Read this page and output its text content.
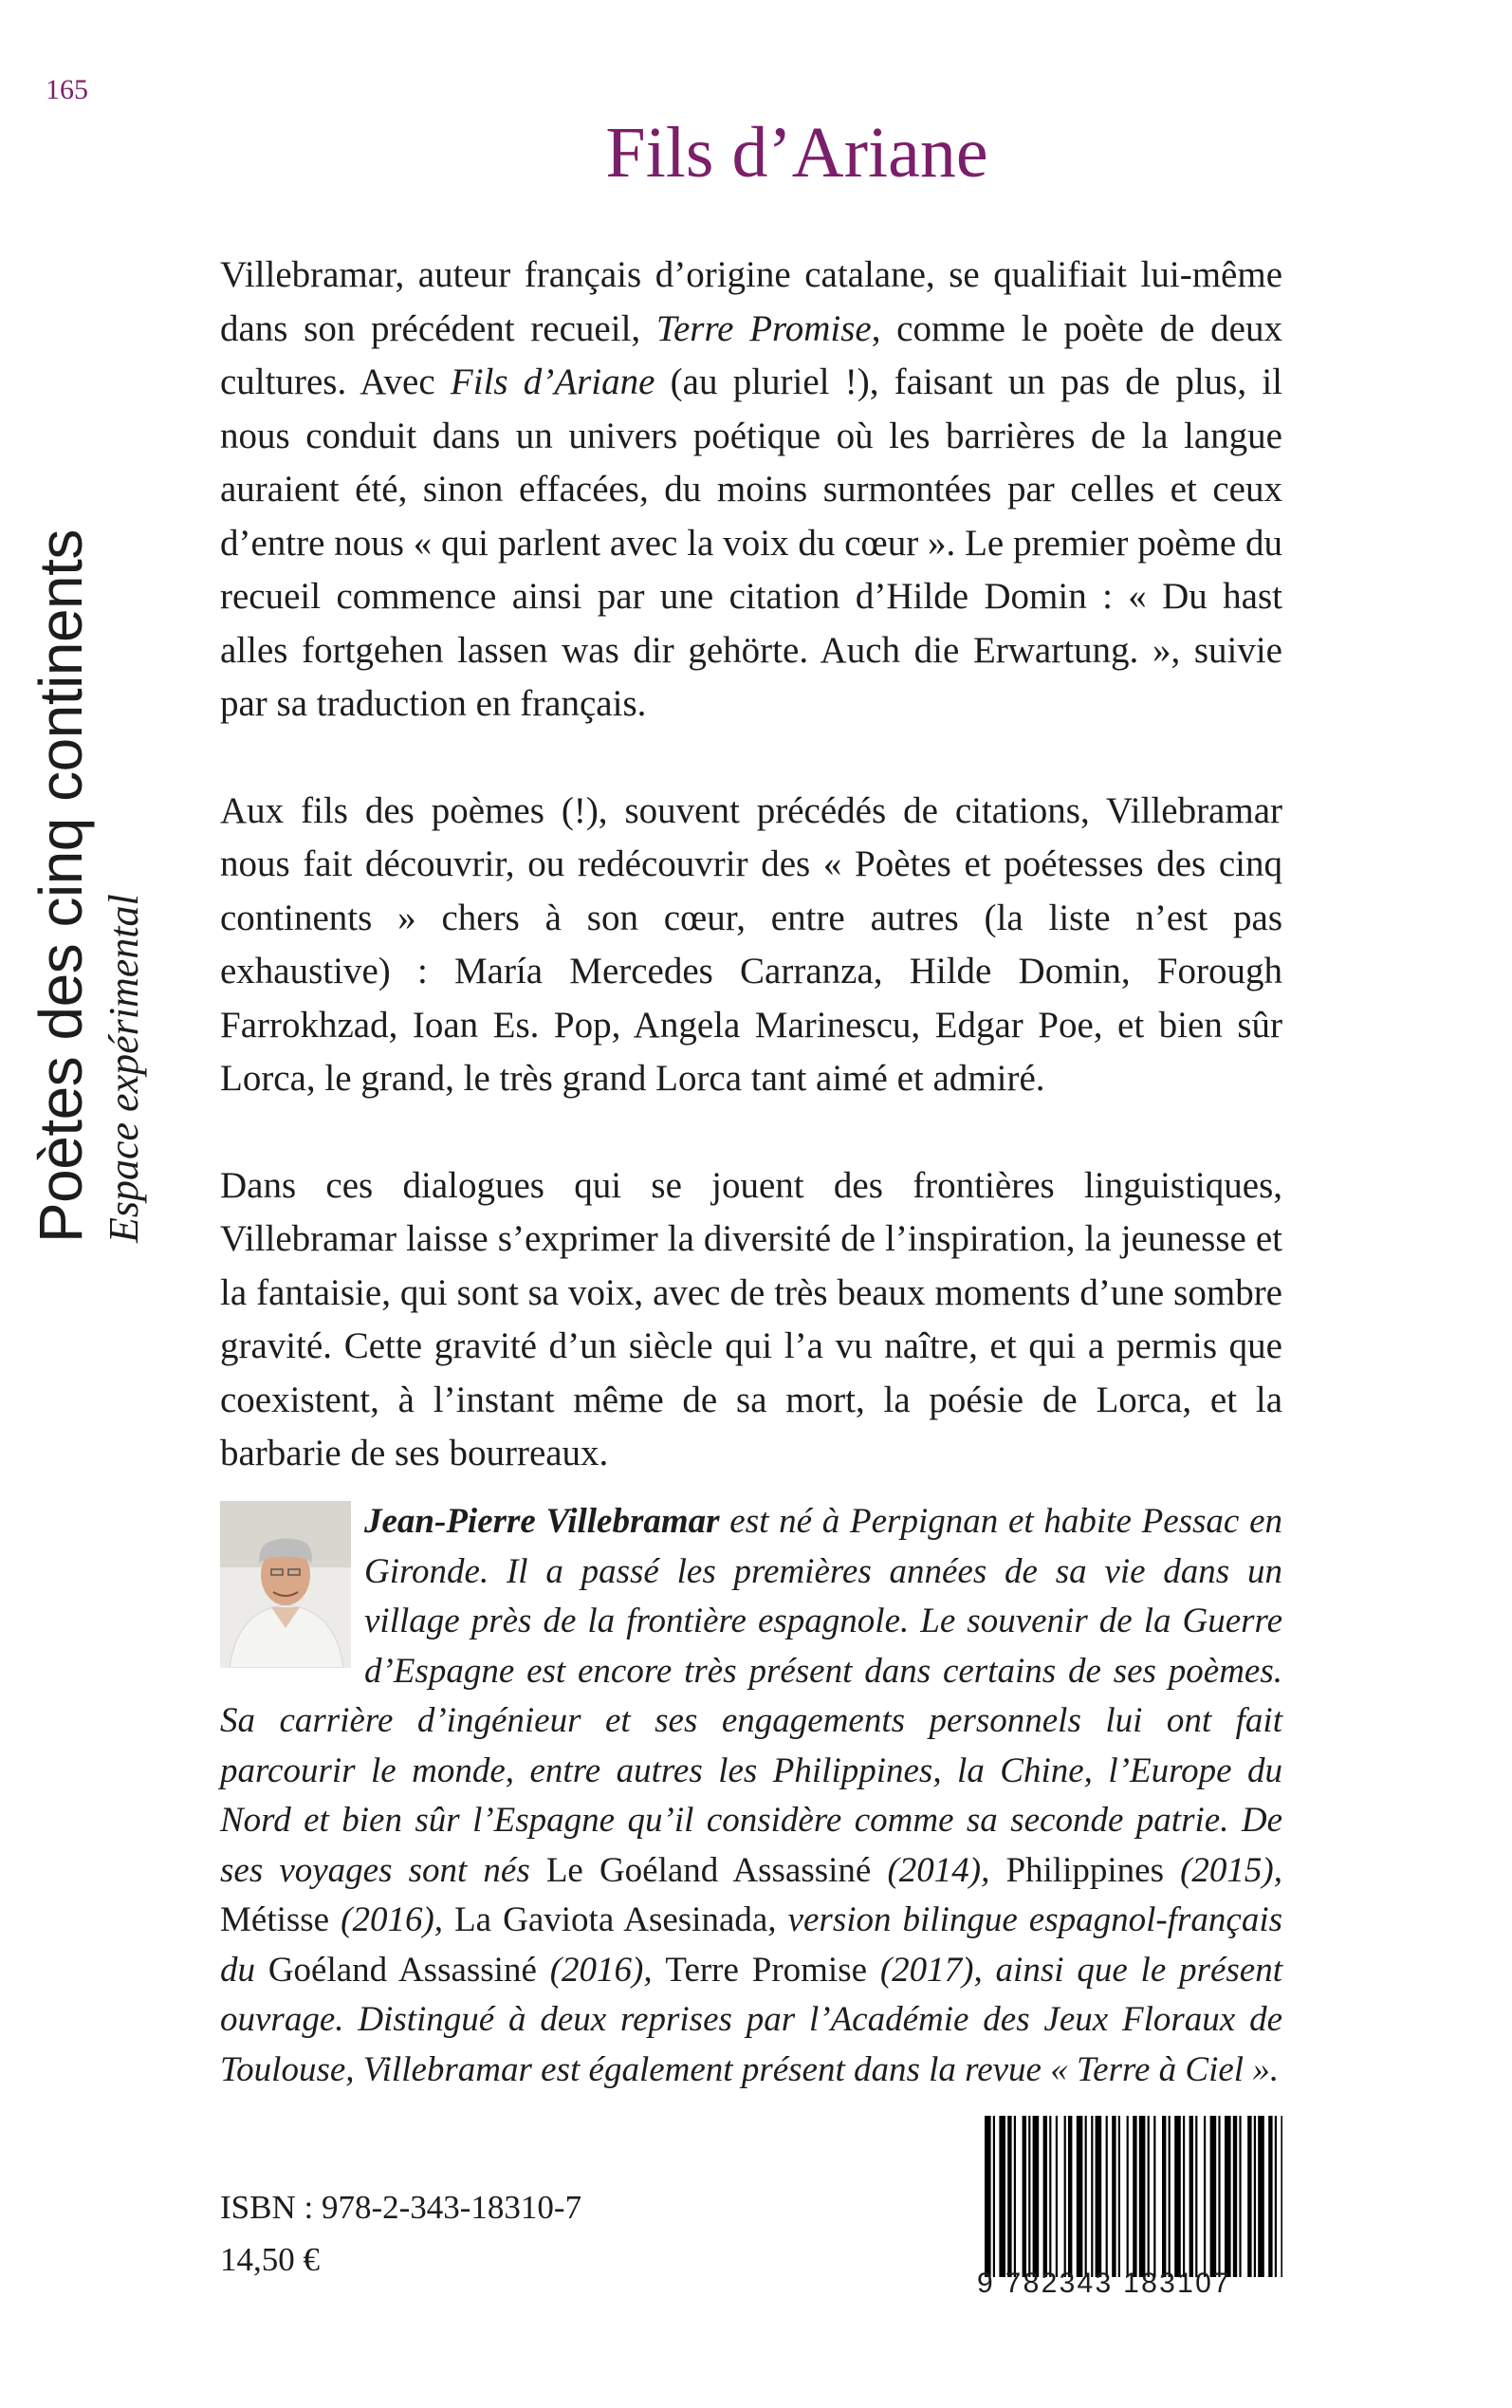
165
Poètes des cinq continents Espace expérimental
Fils d’Ariane

Villebramar, auteur français d’origine catalane, se qualifiait lui-même dans son précédent recueil, Terre Promise, comme le poète de deux cultures. Avec Fils d’Ariane (au pluriel !), faisant un pas de plus, il nous conduit dans un univers poétique où les barrières de la langue auraient été, sinon effacées, du moins surmontées par celles et ceux d’entre nous « qui parlent avec la voix du cœur ». Le premier poème du recueil commence ainsi par une citation d’Hilde Domin : « Du hast alles fortgehen lassen was dir gehörte. Auch die Erwartung. », suivie par sa traduction en français.

Aux fils des poèmes (!), souvent précédés de citations, Villebramar nous fait découvrir, ou redécouvrir des « Poètes et poétesses des cinq continents » chers à son cœur, entre autres (la liste n’est pas exhaustive) : María Mercedes Carranza, Hilde Domin, Forough Farrokhzad, Ioan Es. Pop, Angela Marinescu, Edgar Poe, et bien sûr Lorca, le grand, le très grand Lorca tant aimé et admiré.

Dans ces dialogues qui se jouent des frontières linguistiques, Villebramar laisse s’exprimer la diversité de l’inspiration, la jeunesse et la fantaisie, qui sont sa voix, avec de très beaux moments d’une sombre gravité. Cette gravité d’un siècle qui l’a vu naître, et qui a permis que coexistent, à l’instant même de sa mort, la poésie de Lorca, et la barbarie de ses bourreaux.

Jean-Pierre Villebramar est né à Perpignan et habite Pessac en Gironde. Il a passé les premières années de sa vie dans un village près de la frontière espagnole. Le souvenir de la Guerre d’Espagne est encore très présent dans certains de ses poèmes. Sa carrière d’ingénieur et ses engagements personnels lui ont fait parcourir le monde, entre autres les Philippines, la Chine, l’Europe du Nord et bien sûr l’Espagne qu’il considère comme sa seconde patrie. De ses voyages sont nés Le Goéland Assassiné (2014), Philippines (2015), Métisse (2016), La Gaviota Asesinada, version bilingue espagnol-français du Goéland Assassiné (2016), Terre Promise (2017), ainsi que le présent ouvrage. Distingué à deux reprises par l’Académie des Jeux Floraux de Toulouse, Villebramar est également présent dans la revue « Terre à Ciel ».
ISBN : 978-2-343-18310-7
14,50 €
9 782343 183107
